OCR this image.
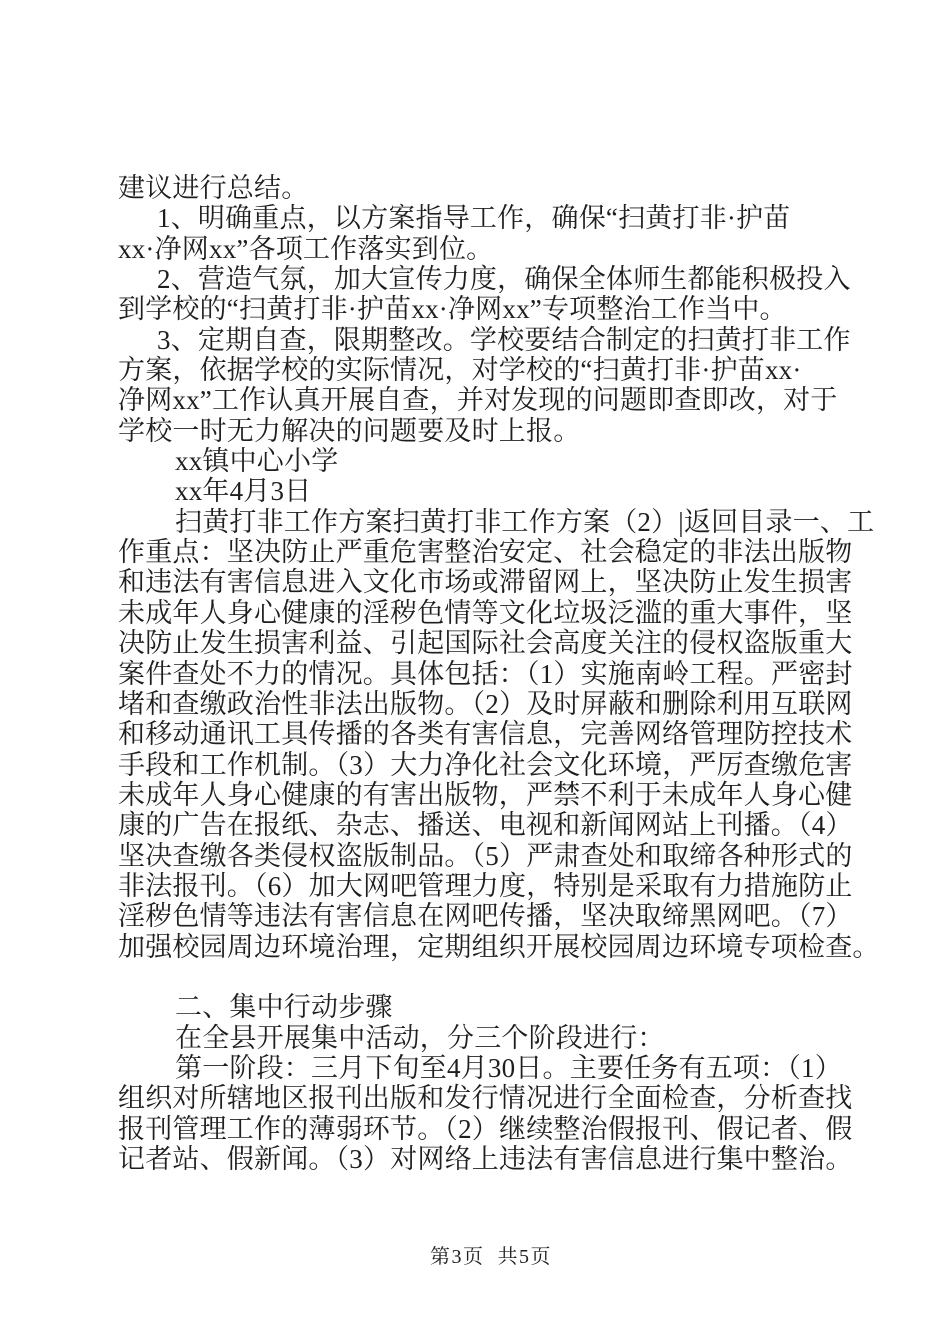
建议进行总结。
1、明确重点，以方案指导工作，确保“扫黄打非·护苗
xx·净网xx”各项工作落实到位。
2、营造气氛，加大宣传力度，确保全体师生都能积极投入
到学校的“扫黄打非·护苗xx·净网xx”专项整治工作当中。
3、定期自查，限期整改。学校要结合制定的扫黄打非工作
方案，依据学校的实际情况，对学校的“扫黄打非·护苗xx·
净网xx”工作认真开展自查，并对发现的问题即查即改，对于
学校一时无力解决的问题要及时上报。
xx镇中心小学
xx年4月3日
扫黄打非工作方案扫黄打非工作方案（2）|返回目录一、工
作重点：坚决防止严重危害整治安定、社会稳定的非法出版物
和违法有害信息进入文化市场或滞留网上，坚决防止发生损害
未成年人身心健康的淫秽色情等文化垃圾泛滥的重大事件，坚
决防止发生损害利益、引起国际社会高度关注的侵权盗版重大
案件查处不力的情况。具体包括：（1）实施南岭工程。严密封
堵和查缴政治性非法出版物。（2）及时屏蔽和删除利用互联网
和移动通讯工具传播的各类有害信息，完善网络管理防控技术
手段和工作机制。（3）大力净化社会文化环境，严厉查缴危害
未成年人身心健康的有害出版物，严禁不利于未成年人身心健
康的广告在报纸、杂志、播送、电视和新闻网站上刊播。（4）
坚决查缴各类侵权盗版制品。（5）严肃查处和取缔各种形式的
非法报刊。（6）加大网吧管理力度，特别是采取有力措施防止
淫秽色情等违法有害信息在网吧传播，坚决取缔黑网吧。（7）
加强校园周边环境治理，定期组织开展校园周边环境专项检查。
二、集中行动步骤
在全县开展集中活动，分三个阶段进行：
第一阶段：三月下旬至4月30日。主要任务有五项：（1）
组织对所辖地区报刊出版和发行情况进行全面检查，分析查找
报刊管理工作的薄弱环节。（2）继续整治假报刊、假记者、假
记者站、假新闻。（3）对网络上违法有害信息进行集中整治。
第3页 共5页
